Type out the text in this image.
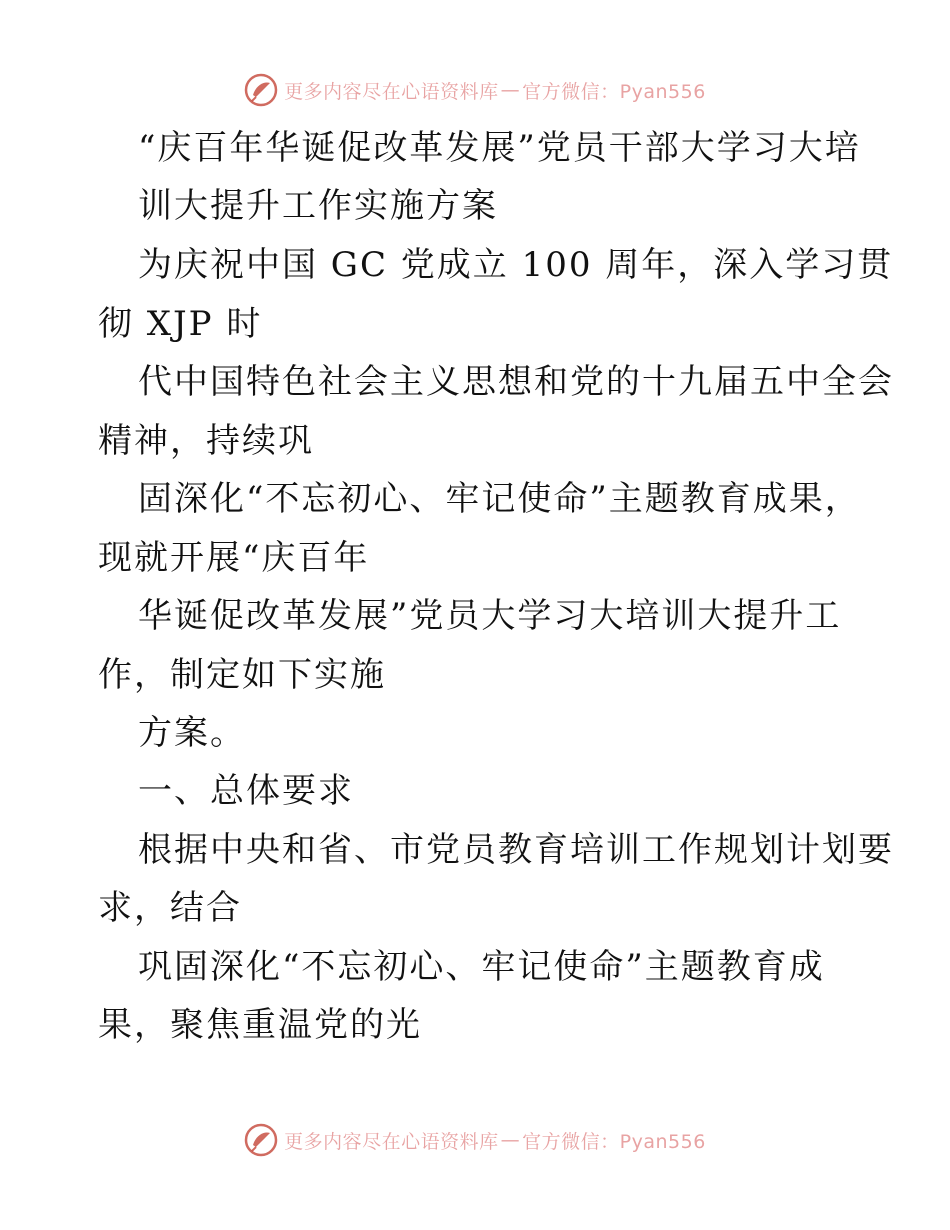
更多内容尽在心语资料库 — 官方微信：Pyan556
“庆百年华诞促改革发展”党员干部大学习大培
训大提升工作实施方案
为庆祝中国 GC 党成立 100 周年，深入学习贯
彻 XJP 时
代中国特色社会主义思想和党的十九届五中全会
精神，持续巩
固深化“不忘初心、牢记使命”主题教育成果，
现就开展“庆百年
华诞促改革发展”党员大学习大培训大提升工
作，制定如下实施
方案。
一、总体要求
根据中央和省、市党员教育培训工作规划计划要
求，结合
巩固深化“不忘初心、牢记使命”主题教育成
果，聚焦重温党的光
更多内容尽在心语资料库 — 官方微信：Pyan556
